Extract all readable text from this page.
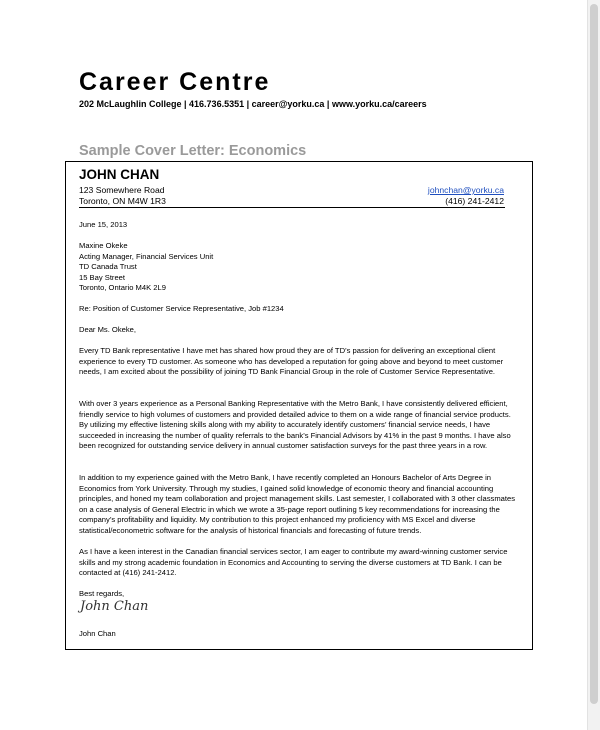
Career Centre
202 McLaughlin College | 416.736.5351 | career@yorku.ca | www.yorku.ca/careers
Sample Cover Letter: Economics
JOHN CHAN
123 Somewhere Road
Toronto, ON M4W 1R3
johnchan@yorku.ca
(416) 241-2412
June 15, 2013
Maxine Okeke
Acting Manager, Financial Services Unit
TD Canada Trust
15 Bay Street
Toronto, Ontario M4K 2L9
Re: Position of Customer Service Representative, Job #1234
Dear Ms. Okeke,

Every TD Bank representative I have met has shared how proud they are of TD’s passion for delivering an exceptional client experience to every TD customer. As someone who has developed a reputation for going above and beyond to meet customer needs, I am excited about the possibility of joining TD Bank Financial Group in the role of Customer Service Representative.

With over 3 years experience as a Personal Banking Representative with the Metro Bank, I have consistently delivered efficient, friendly service to high volumes of customers and provided detailed advice to them on a wide range of financial service products. By utilizing my effective listening skills along with my ability to accurately identify customers’ financial service needs, I have succeeded in increasing the number of quality referrals to the bank’s Financial Advisors by 41% in the past 9 months. I have also been recognized for outstanding service delivery in annual customer satisfaction surveys for the past three years in a row.

In addition to my experience gained with the Metro Bank, I have recently completed an Honours Bachelor of Arts Degree in Economics from York University. Through my studies, I gained solid knowledge of economic theory and financial accounting principles, and honed my team collaboration and project management skills. Last semester, I collaborated with 3 other classmates on a case analysis of General Electric in which we wrote a 35-page report outlining 5 key recommendations for increasing the company’s profitability and liquidity. My contribution to this project enhanced my proficiency with MS Excel and diverse statistical/econometric software for the analysis of historical financials and forecasting of future trends.

As I have a keen interest in the Canadian financial services sector, I am eager to contribute my award-winning customer service skills and my strong academic foundation in Economics and Accounting to serving the diverse customers at TD Bank. I can be contacted at (416) 241-2412.

Best regards,
John Chan
John Chan
